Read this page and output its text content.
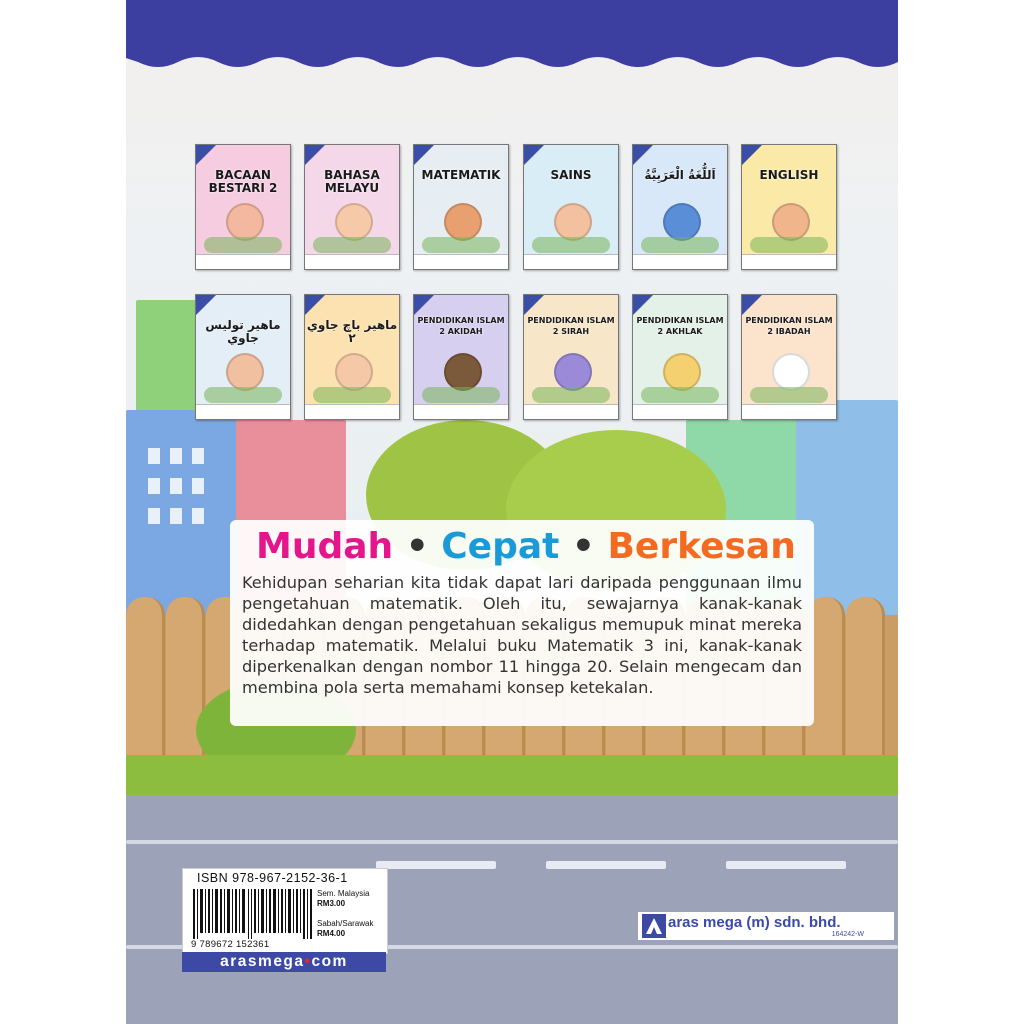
BACAAN BESTARI 2
BAHASA MELAYU
MATEMATIK	SAINS	اَللُّغَةُ الْعَرَبِيَّةُ	ENGLISH
ماهير توليس جاوي
ماهير باچ جاوي ٢
PENDIDIKAN ISLAM 2 AKIDAH
PENDIDIKAN ISLAM 2 SIRAH
PENDIDIKAN ISLAM 2 AKHLAK
PENDIDIKAN ISLAM 2 IBADAH
Mudah • Cepat • Berkesan
Kehidupan seharian kita tidak dapat lari daripada penggunaan ilmu pengetahuan matematik. Oleh itu, sewajarnya kanak-kanak didedahkan dengan pengetahuan sekaligus memupuk minat mereka terhadap matematik. Melalui buku Matematik 3 ini, kanak-kanak diperkenalkan dengan nombor 11 hingga 20. Selain mengecam dan membina pola serta memahami konsep ketekalan.
ISBN 978-967-2152-36-1
9 789672 152361
Sem. Malaysia
RM3.00
Sabah/Sarawak
RM4.00
arasmega•com
aras mega (m) sdn. bhd.
164242-W
